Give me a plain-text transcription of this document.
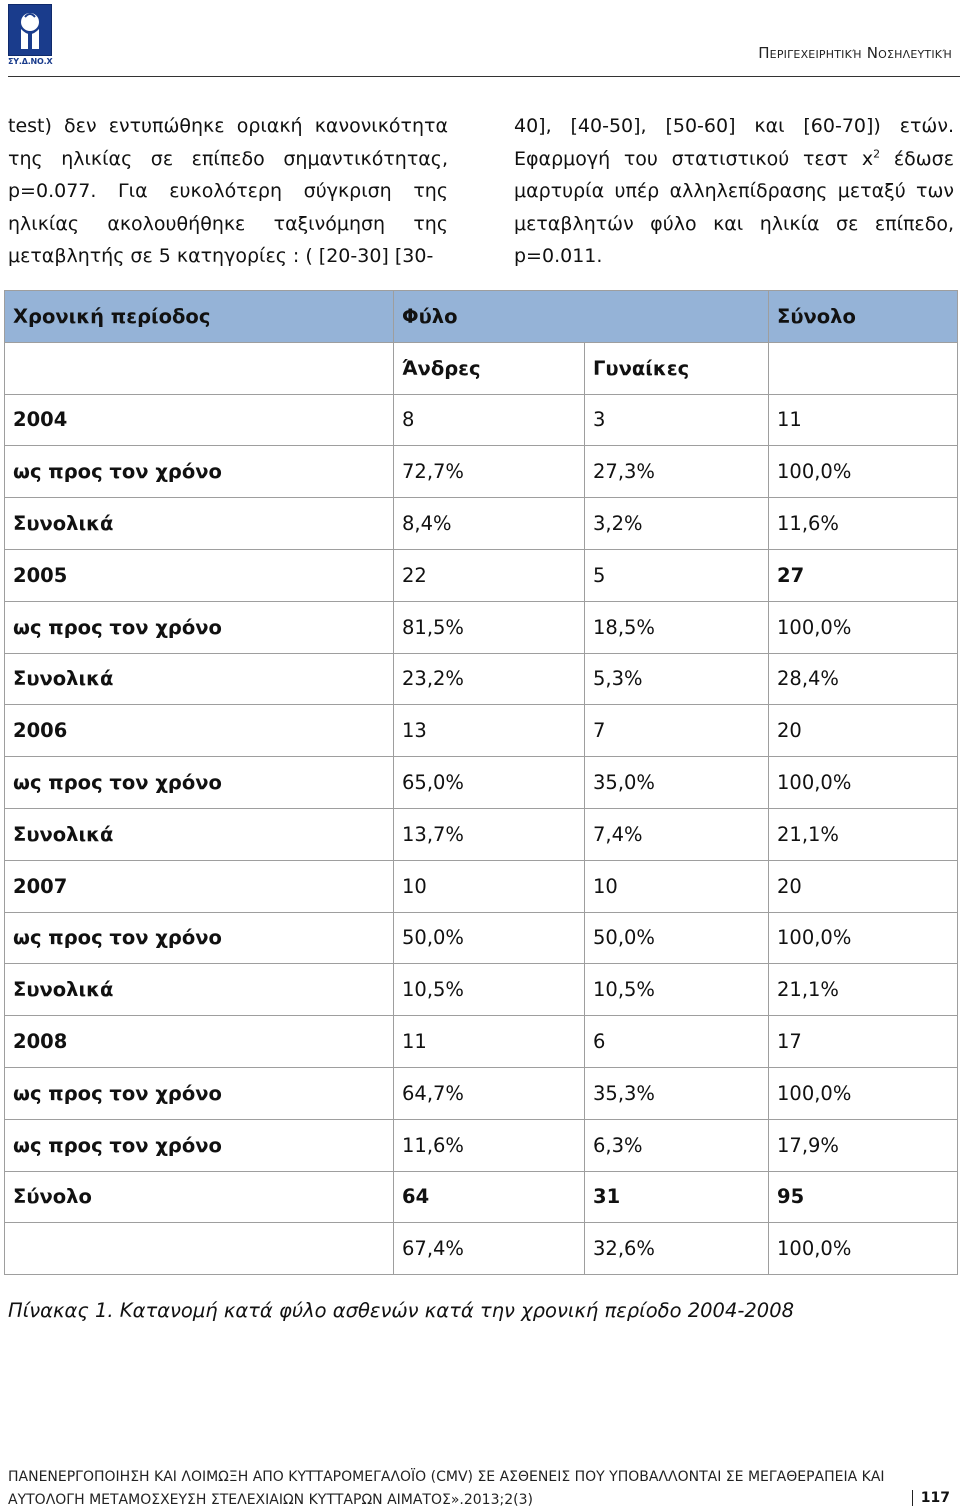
ΣΥ.Δ.ΝΟ.Χ	Περιγεχειρητική Νοσηλευτική
test) δεν εντυπώθηκε οριακή κανονικότητα της ηλικίας σε επίπεδο σημαντικότητας, p=0.077. Για ευκολότερη σύγκριση της ηλικίας ακολουθήθηκε ταξινόμηση της μεταβλητής σε 5 κατηγορίες : ( [20-30] [30-
40], [40-50], [50-60] και [60-70]) ετών. Εφαρμογή του στατιστικού τεστ $x^2$ έδωσε μαρτυρία υπέρ αλληλεπίδρασης μεταξύ των μεταβλητών φύλο και ηλικία σε επίπεδο, p=0.011.
Χρονική περίοδος	Φύλο		Σύνολο
	Άνδρες	Γυναίκες	
2004	8	3	11
ως προς τον χρόνο	72,7%	27,3%	100,0%
Συνολικά	8,4%	3,2%	11,6%
2005	22	5	27
ως προς τον χρόνο	81,5%	18,5%	100,0%
Συνολικά	23,2%	5,3%	28,4%
2006	13	7	20
ως προς τον χρόνο	65,0%	35,0%	100,0%
Συνολικά	13,7%	7,4%	21,1%
2007	10	10	20
ως προς τον χρόνο	50,0%	50,0%	100,0%
Συνολικά	10,5%	10,5%	21,1%
2008	11	6	17
ως προς τον χρόνο	64,7%	35,3%	100,0%
ως προς τον χρόνο	11,6%	6,3%	17,9%
Σύνολο	64	31	95
	67,4%	32,6%	100,0%
Πίνακας 1. Κατανομή κατά φύλο ασθενών κατά την χρονική περίοδο 2004-2008
ΠΑΝΕΝΕΡΓΟΠΟΙΗΣΗ ΚΑΙ ΛΟΙΜΩΞΗ ΑΠΟ ΚΥΤΤΑΡΟΜΕΓΑΛΟΪΟ (CMV) ΣΕ ΑΣΘΕΝΕΙΣ ΠΟΥ ΥΠΟΒΑΛΛΟΝΤΑΙ ΣΕ ΜΕΓΑΘΕΡΑΠΕΙΑ ΚΑΙ
ΑΥΤΟΛΟΓΗ ΜΕΤΑΜΟΣΧΕΥΣΗ ΣΤΕΛΕΧΙΑΙΩΝ ΚΥΤΤΑΡΩΝ ΑΙΜΑΤΟΣ».2013;2(3)	117
